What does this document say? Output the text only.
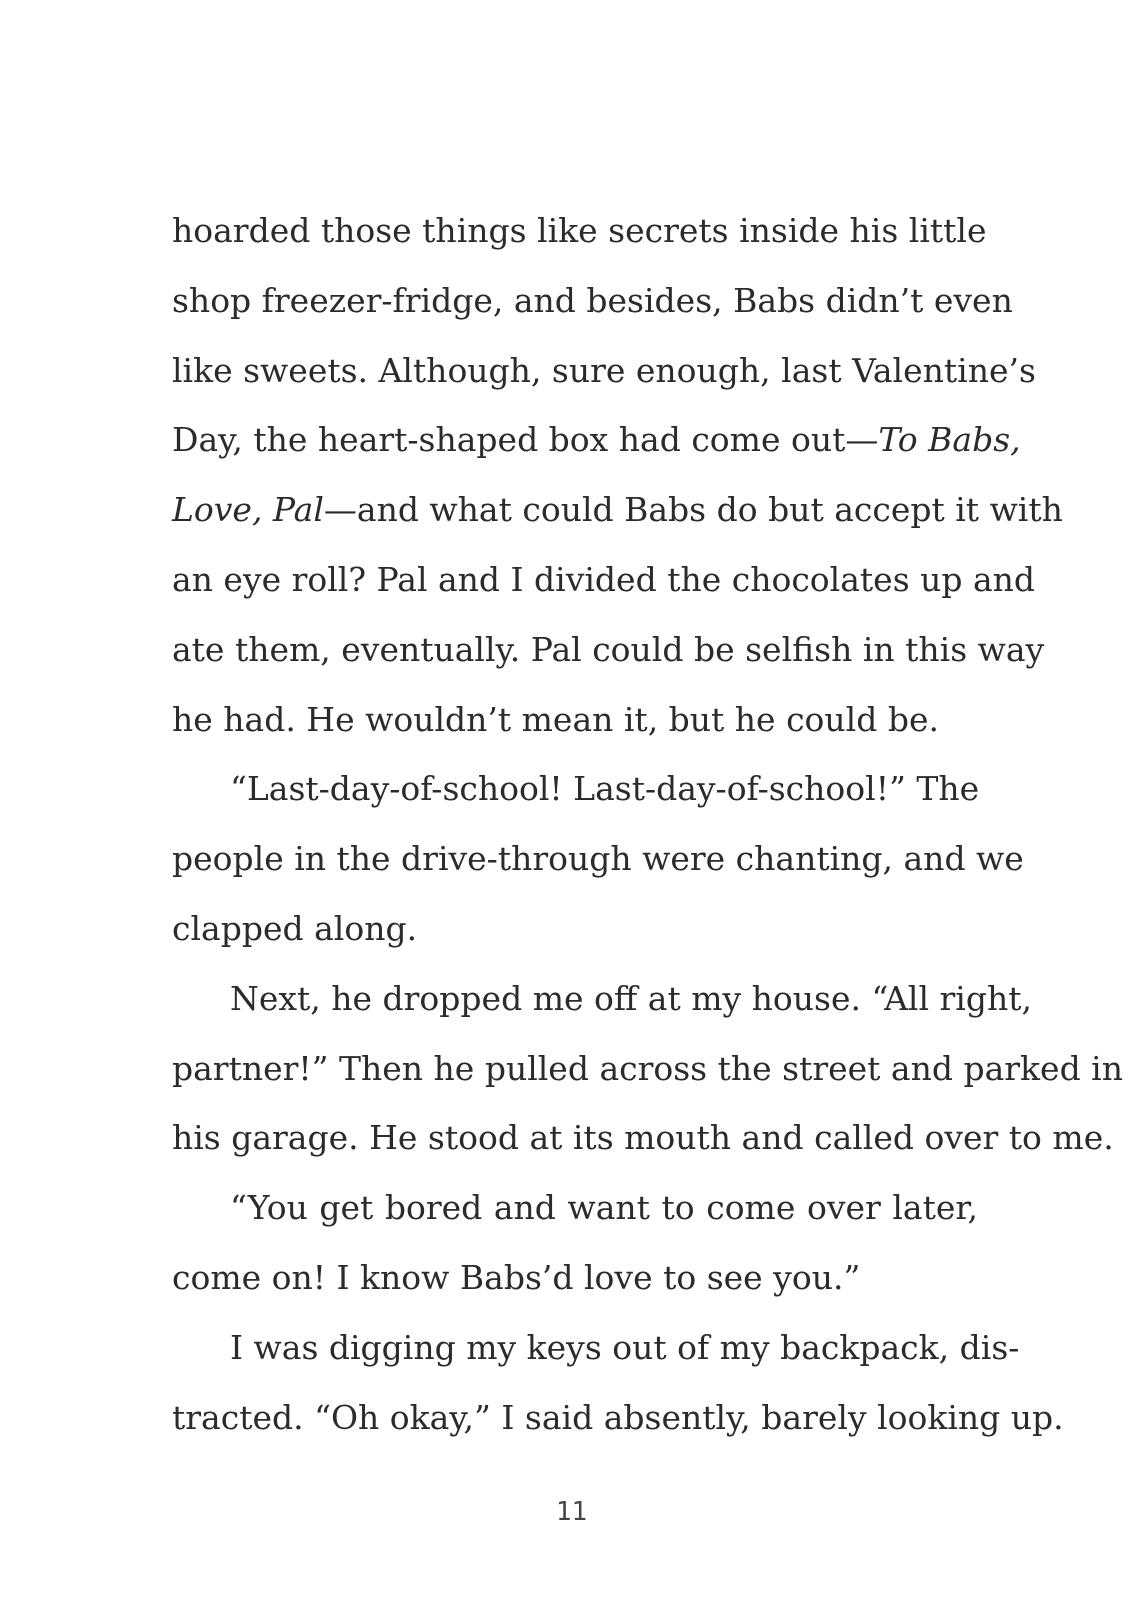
hoarded those things like secrets inside his little
shop freezer-fridge, and besides, Babs didn’t even
like sweets. Although, sure enough, last Valentine’s
Day, the heart-shaped box had come out—To Babs,
Love, Pal—and what could Babs do but accept it with
an eye roll? Pal and I divided the chocolates up and
ate them, eventually. Pal could be selfish in this way
he had. He wouldn’t mean it, but he could be.
“Last-day-of-school! Last-day-of-school!” The
people in the drive-through were chanting, and we
clapped along.
Next, he dropped me off at my house. “All right,
partner!” Then he pulled across the street and parked in
his garage. He stood at its mouth and called over to me.
“You get bored and want to come over later,
come on! I know Babs’d love to see you.”
I was digging my keys out of my backpack, dis-
tracted. “Oh okay,” I said absently, barely looking up.
11
